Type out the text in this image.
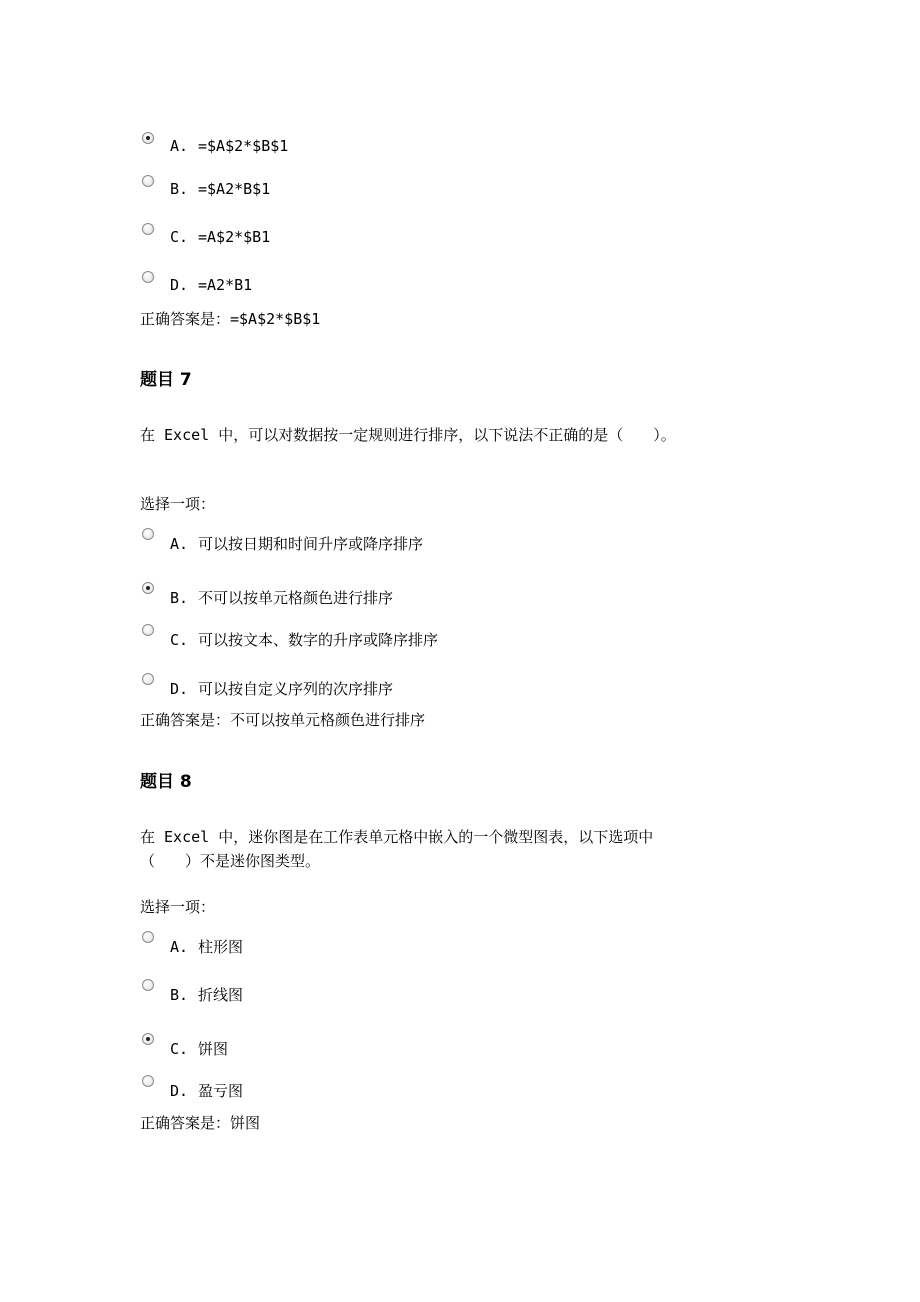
A. =$A$2*$B$1
B. =$A2*B$1
C. =A$2*$B1
D. =A2*B1
正确答案是：=$A$2*$B$1
题目 7
在 Excel 中，可以对数据按一定规则进行排序，以下说法不正确的是（　　）。
选择一项：
A. 可以按日期和时间升序或降序排序
B. 不可以按单元格颜色进行排序
C. 可以按文本、数字的升序或降序排序
D. 可以按自定义序列的次序排序
正确答案是：不可以按单元格颜色进行排序
题目 8
在 Excel 中，迷你图是在工作表单元格中嵌入的一个微型图表，以下选项中
（　　）不是迷你图类型。
选择一项：
A. 柱形图
B. 折线图
C. 饼图
D. 盈亏图
正确答案是：饼图
